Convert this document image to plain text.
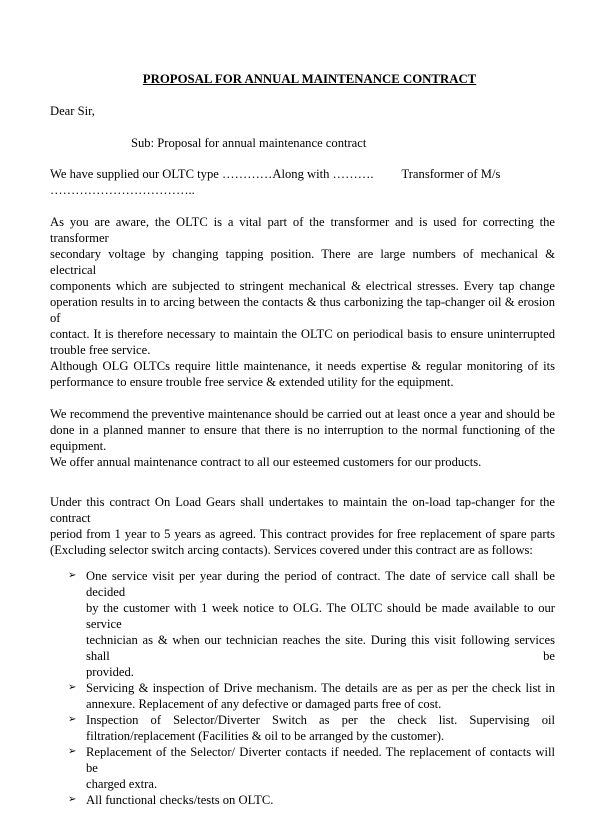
PROPOSAL FOR ANNUAL MAINTENANCE CONTRACT
Dear Sir,
Sub: Proposal for annual maintenance contract
We have supplied our OLTC type …………Along with ………. Transformer of M/s
……………………………..
As you are aware, the OLTC is a vital part of the transformer and is used for correcting the transformer
secondary voltage by changing tapping position. There are large numbers of mechanical & electrical
components which are subjected to stringent mechanical & electrical stresses. Every tap change
operation results in to arcing between the contacts & thus carbonizing the tap-changer oil & erosion of
contact. It is therefore necessary to maintain the OLTC on periodical basis to ensure uninterrupted
trouble free service.
Although OLG OLTCs require little maintenance, it needs expertise & regular monitoring of its
performance to ensure trouble free service & extended utility for the equipment.
We recommend the preventive maintenance should be carried out at least once a year and should be
done in a planned manner to ensure that there is no interruption to the normal functioning of the
equipment.
We offer annual maintenance contract to all our esteemed customers for our products.
Under this contract On Load Gears shall undertakes to maintain the on-load tap-changer for the contract
period from 1 year to 5 years as agreed. This contract provides for free replacement of spare parts
(Excluding selector switch arcing contacts). Services covered under this contract are as follows:
➢ One service visit per year during the period of contract. The date of service call shall be decided
by the customer with 1 week notice to OLG. The OLTC should be made available to our service
technician as & when our technician reaches the site. During this visit following services shall be
provided.
➢ Servicing & inspection of Drive mechanism. The details are as per as per the check list in
annexure. Replacement of any defective or damaged parts free of cost.
➢ Inspection of Selector/Diverter Switch as per the check list. Supervising oil
filtration/replacement (Facilities & oil to be arranged by the customer).
➢ Replacement of the Selector/ Diverter contacts if needed. The replacement of contacts will be
charged extra.
➢ All functional checks/tests on OLTC.
